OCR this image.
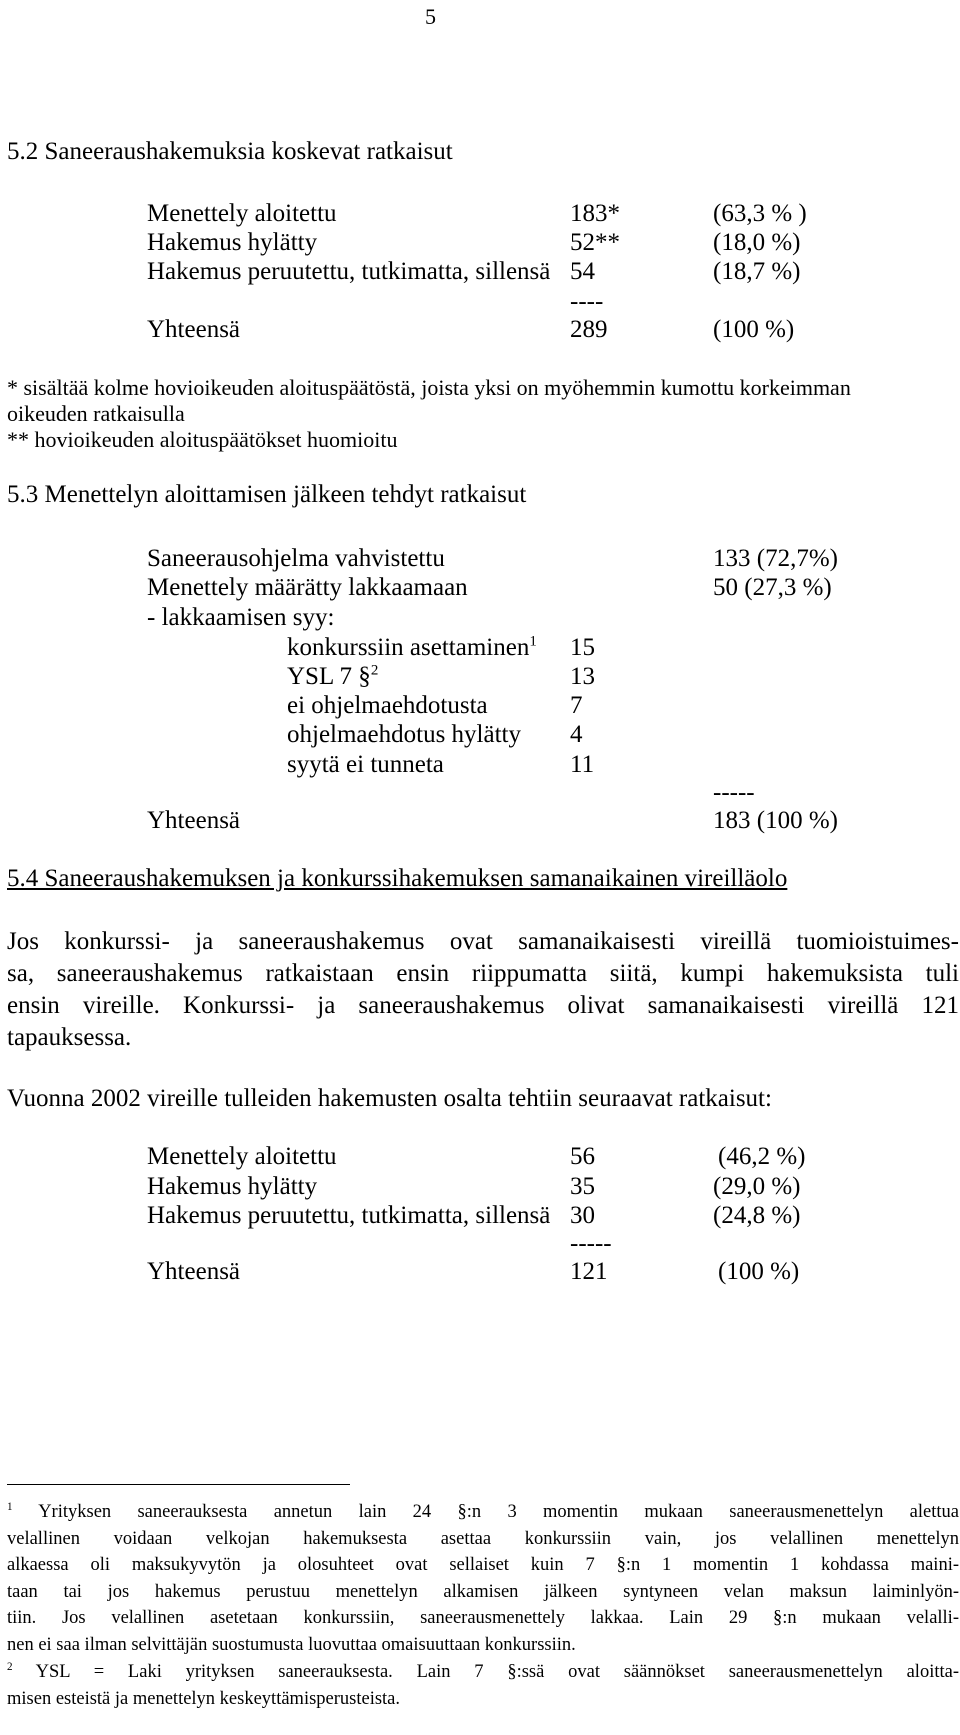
5
5.2 Saneeraushakemuksia koskevat ratkaisut
Menettely aloitettu	183*	(63,3 % )
Hakemus hylätty	52**	(18,0 %)
Hakemus peruutettu, tutkimatta, sillensä 54	(18,7 %)
----
Yhteensä	289	(100 %)
* sisältää kolme hovioikeuden aloituspäätöstä, joista yksi on myöhemmin kumottu korkeimman
oikeuden ratkaisulla
** hovioikeuden aloituspäätökset huomioitu
5.3 Menettelyn aloittamisen jälkeen tehdyt ratkaisut
Saneerausohjelma vahvistettu	133 (72,7%)
Menettely määrätty lakkaamaan	50 (27,3 %)
- lakkaamisen syy:
konkurssiin asettaminen$^1$ 15
YSL 7 §$^2$	13
ei ohjelmaehdotusta	7
ohjelmaehdotus hylätty 4
syytä ei tunneta	11
-----
Yhteensä	183 (100 %)
5.4 Saneeraushakemuksen ja konkurssihakemuksen samanaikainen vireilläolo
Jos konkurssi- ja saneeraushakemus ovat samanaikaisesti vireillä tuomioistuimes-
sa, saneeraushakemus ratkaistaan ensin riippumatta siitä, kumpi hakemuksista tuli
ensin vireille. Konkurssi- ja saneeraushakemus olivat samanaikaisesti vireillä 121
tapauksessa.
Vuonna 2002 vireille tulleiden hakemusten osalta tehtiin seuraavat ratkaisut:
Menettely aloitettu	56	(46,2 %)
Hakemus hylätty	35	(29,0 %)
Hakemus peruutettu, tutkimatta, sillensä 30	(24,8 %)
-----
Yhteensä	121	(100 %)
$^1$ Yrityksen saneerauksesta annetun lain 24 §:n 3 momentin mukaan saneerausmenettelyn alettua
velallinen voidaan velkojan hakemuksesta asettaa konkurssiin vain, jos velallinen menettelyn
alkaessa oli maksukyvytön ja olosuhteet ovat sellaiset kuin 7 §:n 1 momentin 1 kohdassa maini-
taan tai jos hakemus perustuu menettelyn alkamisen jälkeen syntyneen velan maksun laiminlyön-
tiin. Jos velallinen asetetaan konkurssiin, saneerausmenettely lakkaa. Lain 29 §:n mukaan velalli-
nen ei saa ilman selvittäjän suostumusta luovuttaa omaisuuttaan konkurssiin.
$^2$ YSL = Laki yrityksen saneerauksesta. Lain 7 §:ssä ovat säännökset saneerausmenettelyn aloitta-
misen esteistä ja menettelyn keskeyttämisperusteista.
